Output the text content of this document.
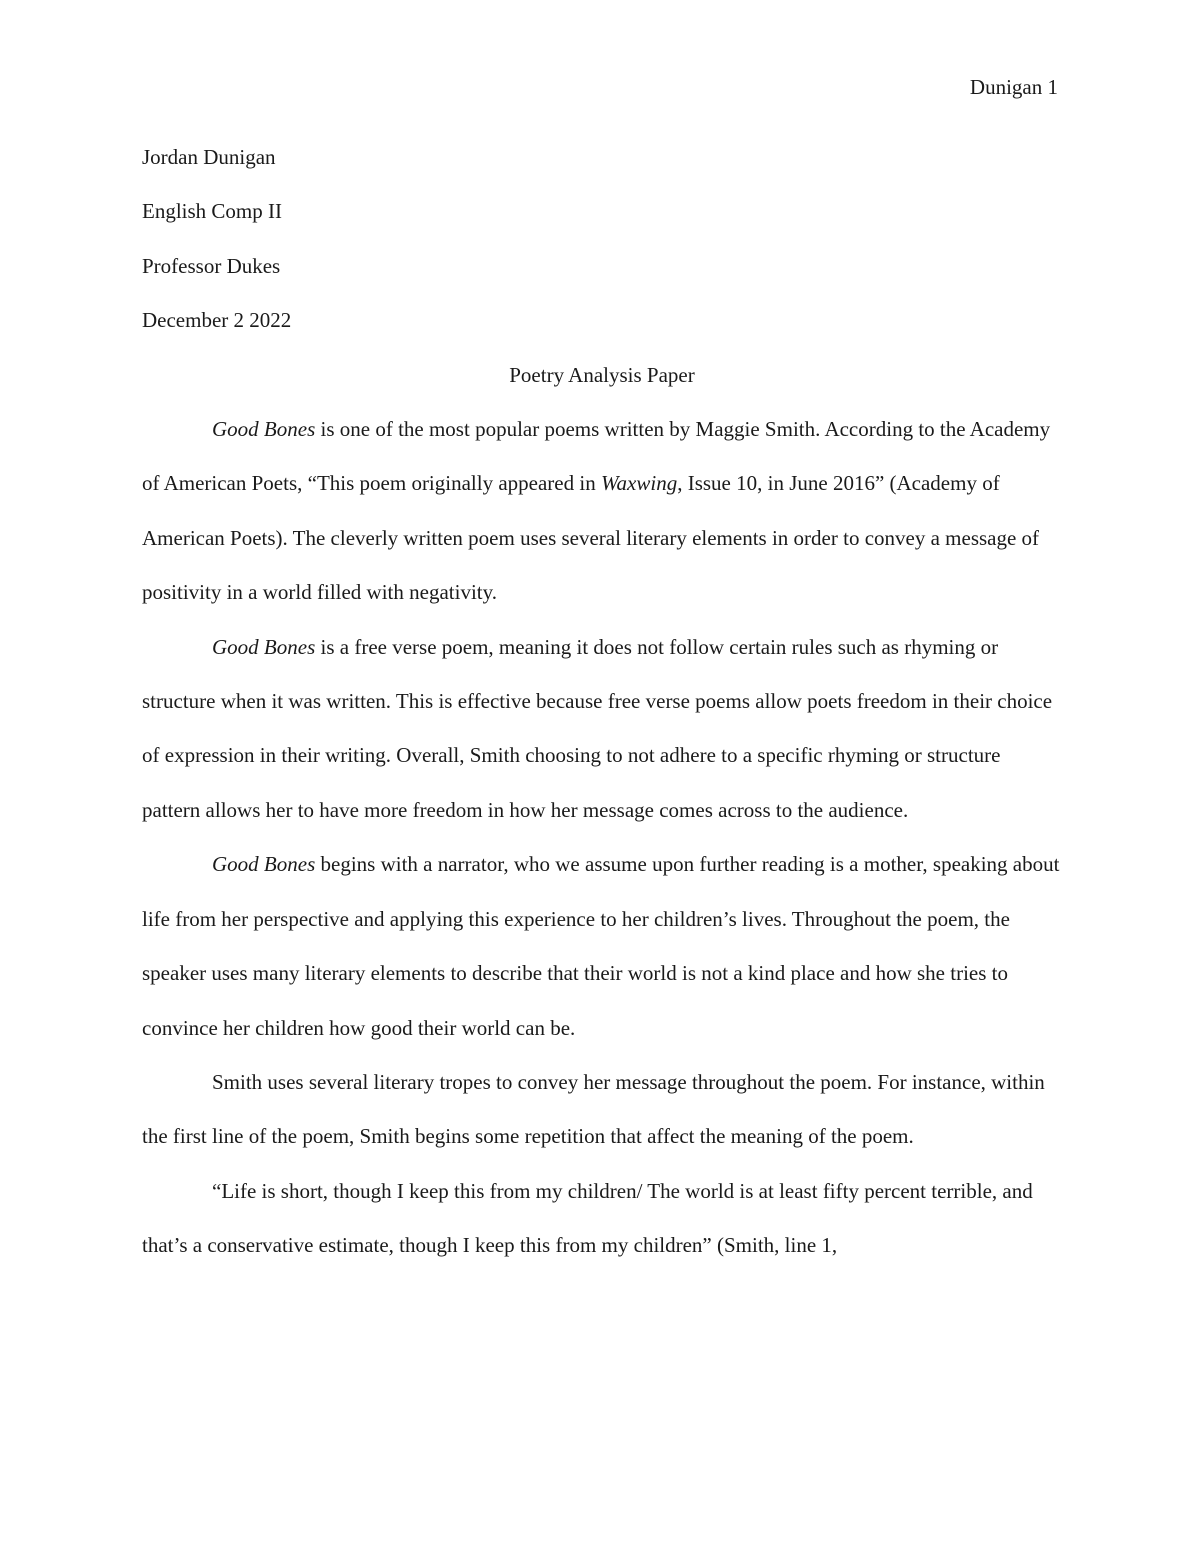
Dunigan 1

Jordan Dunigan

English Comp II

Professor Dukes

December 2 2022

Poetry Analysis Paper

Good Bones is one of the most popular poems written by Maggie Smith. According to the Academy of American Poets, “This poem originally appeared in Waxwing, Issue 10, in June 2016” (Academy of American Poets). The cleverly written poem uses several literary elements in order to convey a message of positivity in a world filled with negativity.

Good Bones is a free verse poem, meaning it does not follow certain rules such as rhyming or structure when it was written. This is effective because free verse poems allow poets freedom in their choice of expression in their writing. Overall, Smith choosing to not adhere to a specific rhyming or structure pattern allows her to have more freedom in how her message comes across to the audience.

Good Bones begins with a narrator, who we assume upon further reading is a mother, speaking about life from her perspective and applying this experience to her children’s lives. Throughout the poem, the speaker uses many literary elements to describe that their world is not a kind place and how she tries to convince her children how good their world can be.

Smith uses several literary tropes to convey her message throughout the poem. For instance, within the first line of the poem, Smith begins some repetition that affect the meaning of the poem.

“Life is short, though I keep this from my children/ The world is at least fifty percent terrible, and that’s a conservative estimate, though I keep this from my children” (Smith, line 1,
